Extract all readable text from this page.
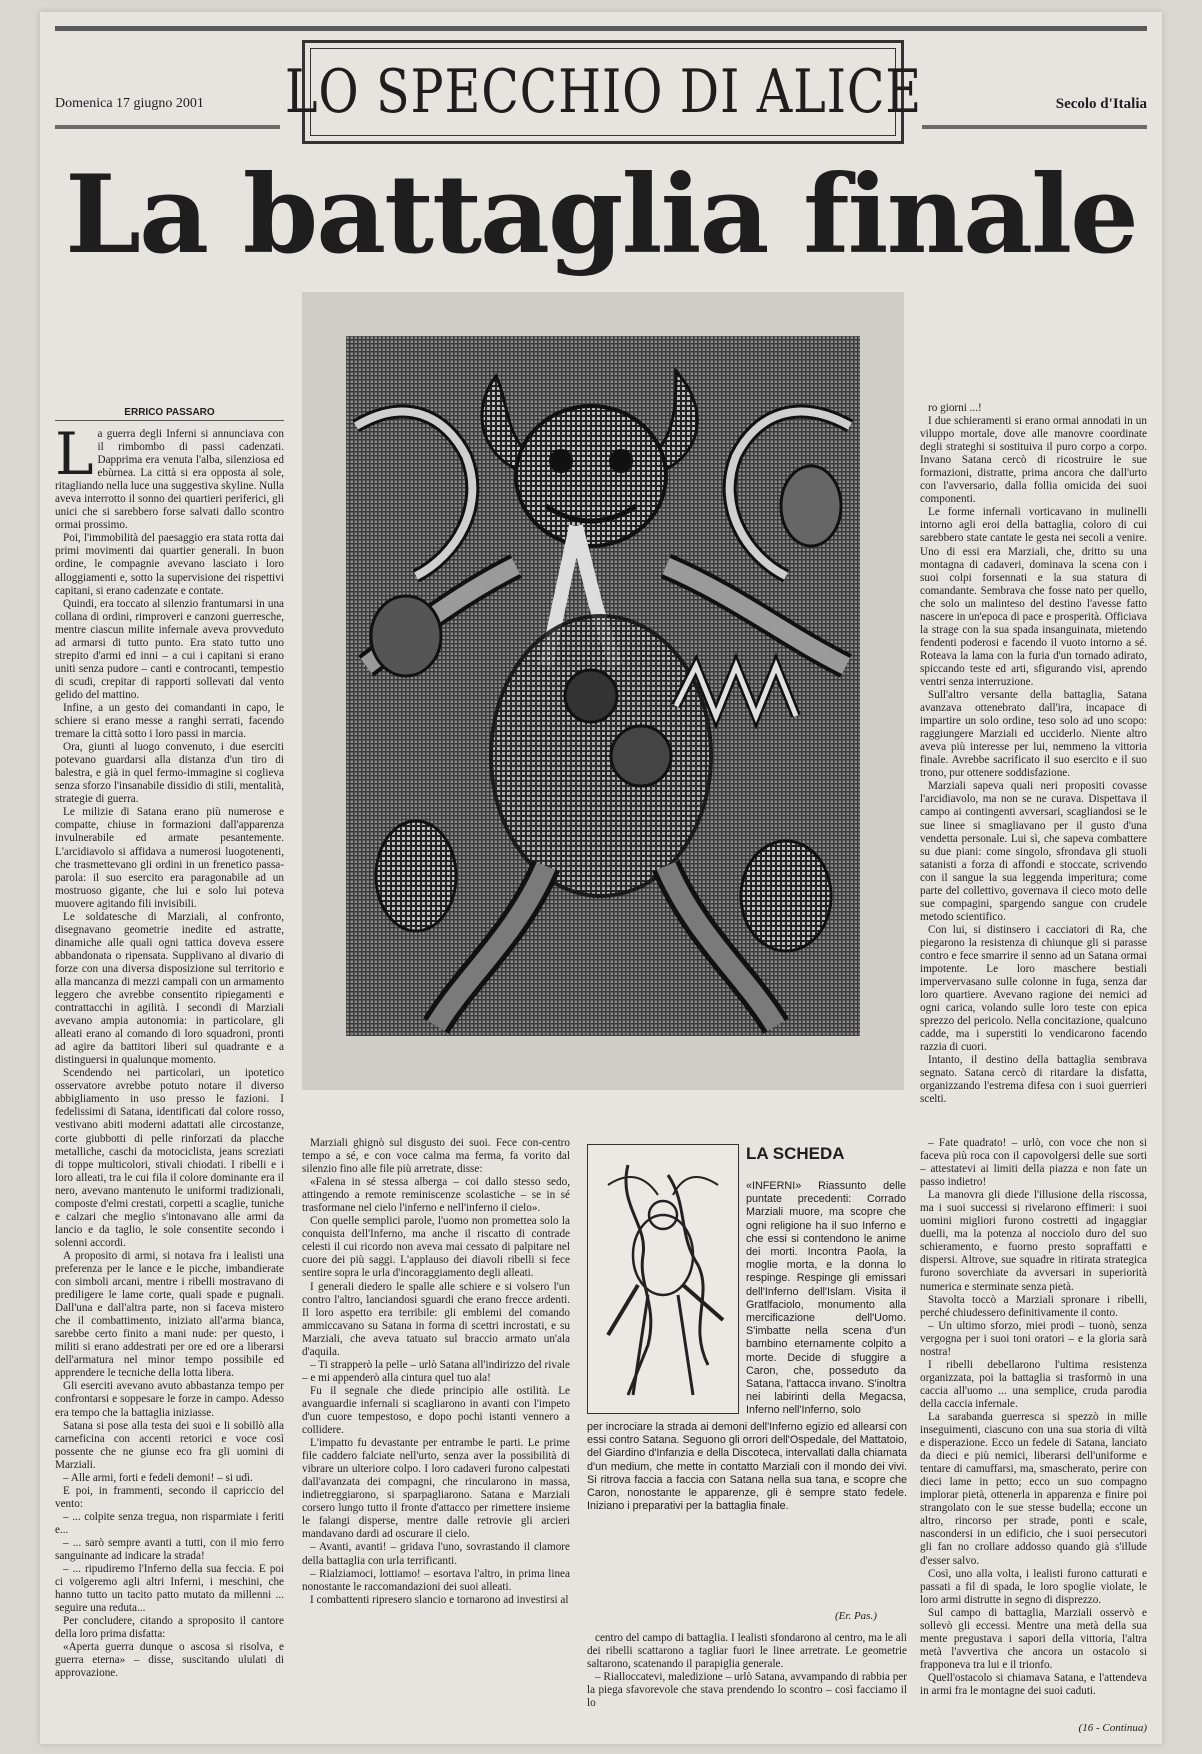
Domenica 17 giugno 2001 LO SPECCHIO DI ALICE	Secolo d'Italia
La battaglia finale
ERRICO PASSARO

La guerra degli Inferni si annunciava con il rimbombo di passi cadenzati. Dapprima era venuta l'alba, silenziosa ed ebùrnea. La città si era opposta al sole, ritagliando nella luce una suggestiva skyline. Nulla aveva interrotto il sonno dei quartieri periferici, gli unici che si sarebbero forse salvati dallo scontro ormai prossimo.

Poi, l'immobilità del paesaggio era stata rotta dai primi movimenti dai quartier generali. In buon ordine, le compagnie avevano lasciato i loro alloggiamenti e, sotto la supervisione dei rispettivi capitani, si erano cadenzate e contate.

Quindi, era toccato al silenzio frantumarsi in una collana di ordini, rimproveri e canzoni guerresche, mentre ciascun milite infernale aveva provveduto ad armarsi di tutto punto. Era stato tutto uno strepito d'armi ed inni – a cui i capitani si erano uniti senza pudore – canti e controcanti, tempestio di scudi, crepitar di rapporti sollevati dal vento gelido del mattino.

Infine, a un gesto dei comandanti in capo, le schiere si erano messe a ranghi serrati, facendo tremare la città sotto i loro passi in marcia.

Ora, giunti al luogo convenuto, i due eserciti potevano guardarsi alla distanza d'un tiro di balestra, e già in quel fermo-immagine si coglieva senza sforzo l'insanabile dissidio di stili, mentalità, strategie di guerra.

Le milizie di Satana erano più numerose e compatte, chiuse in formazioni dall'apparenza invulnerabile ed armate pesantemente. L'arcidiavolo si affidava a numerosi luogotenenti, che trasmettevano gli ordini in un frenetico passa-parola: il suo esercito era paragonabile ad un mostruoso gigante, che lui e solo lui poteva muovere agitando fili invisibili.

Le soldatesche di Marziali, al confronto, disegnavano geometrie inedite ed astratte, dinamiche alle quali ogni tattica doveva essere abbandonata o ripensata. Supplivano al divario di forze con una diversa disposizione sul territorio e alla mancanza di mezzi campali con un armamento leggero che avrebbe consentito ripiegamenti e contrattacchi in agilità. I secondi di Marziali avevano ampia autonomia: in particolare, gli alleati erano al comando di loro squadroni, pronti ad agire da battitori liberi sul quadrante e a distinguersi in qualunque momento.

Scendendo nei particolari, un ipotetico osservatore avrebbe potuto notare il diverso abbigliamento in uso presso le fazioni. I fedelissimi di Satana, identificati dal colore rosso, vestivano abiti moderni adattati alle circostanze, corte giubbotti di pelle rinforzati da placche metalliche, caschi da motociclista, jeans screziati di toppe multicolori, stivali chiodati. I ribelli e i loro alleati, tra le cui fila il colore dominante era il nero, avevano mantenuto le uniformi tradizionali, composte d'elmi crestati, corpetti a scaglie, tuniche e calzari che meglio s'intonavano alle armi da lancio e da taglio, le sole consentite secondo i solenni accordi.

A proposito di armi, si notava fra i lealisti una preferenza per le lance e le picche, imbandierate con simboli arcani, mentre i ribelli mostravano di prediligere le lame corte, quali spade e pugnali. Dall'una e dall'altra parte, non si faceva mistero che il combattimento, iniziato all'arma bianca, sarebbe certo finito a mani nude: per questo, i militi si erano addestrati per ore ed ore a liberarsi dell'armatura nel minor tempo possibile ed apprendere le tecniche della lotta libera.

Gli eserciti avevano avuto abbastanza tempo per confrontarsi e soppesare le forze in campo. Adesso era tempo che la battaglia iniziasse.

Satana si pose alla testa dei suoi e li sobillò alla carneficina con accenti retorici e voce così possente che ne giunse eco fra gli uomini di Marziali.

– Alle armi, forti e fedeli demoni! – si udì.

E poi, in frammenti, secondo il capriccio del vento:

– ... colpite senza tregua, non risparmiate i feriti e...

– ... sarò sempre avanti a tutti, con il mio ferro sanguinante ad indicare la strada!

– ... ripudiremo l'Inferno della sua feccia. E poi ci volgeremo agli altri Inferni, i meschini, che hanno tutto un tacito patto mutato da millenni ... seguire una reduta...

Per concludere, citando a sproposito il cantore della loro prima disfatta:

«Aperta guerra dunque o ascosa si risolva, e guerra eterna» – disse, suscitando ululati di approvazione.

Marziali ghignò sul disgusto dei suoi. Fece con-centro tempo a sé, e con voce calma ma ferma, fa vorito dal silenzio fino alle file più arretrate, disse:

«Falena in sé stessa alberga – coi dallo stesso sedo, attingendo a remote reminiscenze scolastiche – se in sé trasformane nel cielo l'inferno e nell'inferno il cielo».

Con quelle semplici parole, l'uomo non promettea solo la conquista dell'Inferno, ma anche il riscatto di contrade celesti il cui ricordo non aveva mai cessato di palpitare nel cuore dei più saggi. L'applauso dei diavoli ribelli si fece sentire sopra le urla d'incoraggiamento degli alleati.

I generali diedero le spalle alle schiere e si volsero l'un contro l'altro, lanciandosi sguardi che erano frecce ardenti. Il loro aspetto era terribile: gli emblemi del comando ammiccavano su Satana in forma di scettri incrostati, e su Marziali, che aveva tatuato sul braccio armato un'ala d'aquila.

– Ti strapperò la pelle – urlò Satana all'indirizzo del rivale – e mi appenderò alla cintura quel tuo ala!

Fu il segnale che diede principio alle ostilità. Le avanguardie infernali si scagliarono in avanti con l'impeto d'un cuore tempestoso, e dopo pochi istanti vennero a collidere.

L'impatto fu devastante per entrambe le parti. Le prime file caddero falciate nell'urto, senza aver la possibilità di vibrare un ulteriore colpo. I loro cadaveri furono calpestati dall'avanzata dei compagni, che rincularono in massa, indietreggiarono, si sparpagliarono. Satana e Marziali corsero lungo tutto il fronte d'attacco per rimettere insieme le falangi disperse, mentre dalle retrovie gli arcieri mandavano dardi ad oscurare il cielo.

– Avanti, avanti! – gridava l'uno, sovrastando il clamore della battaglia con urla terrificanti.

– Rialziamoci, lottiamo! – esortava l'altro, in prima linea nonostante le raccomandazioni dei suoi alleati.

I combattenti ripresero slancio e tornarono ad investirsi al

LA SCHEDA
«INFERNI» Riassunto delle puntate precedenti: Corrado Marziali muore, ma scopre che ogni religione ha il suo Inferno e che essi si contendono le anime dei morti. Incontra Paola, la moglie morta, e la donna lo respinge. Respinge gli emissari dell'Inferno dell'Islam. Visita il Gratlfaciolo, monumento alla mercificazione dell'Uomo. S'imbatte nella scena d'un bambino eternamente colpito a morte. Decide di sfuggire a Caron, che, posseduto da Satana, l'attacca invano. S'inoltra nei labirinti della Megacsa, Inferno nell'Inferno, solo
per incrociare la strada ai demoni dell'Inferno egizio ed allearsi con essi contro Satana. Seguono gli orrori dell'Ospedale, del Mattatoio, del Giardino d'Infanzia e della Discoteca, intervallati dalla chiamata d'un medium, che mette in contatto Marziali con il mondo dei vivi. Si ritrova faccia a faccia con Satana nella sua tana, e scopre che Caron, nonostante le apparenze, gli è sempre stato fedele. Iniziano i preparativi per la battaglia finale.
(Er. Pas.)

centro del campo di battaglia. I lealisti sfondarono al centro, ma le ali dei ribelli scattarono a tagliar fuori le linee arretrate. Le geometrie saltarono, scatenando il parapiglia generale.

– Rialloccatevi, maledizione – urlò Satana, avvampando di rabbia per la piega sfavorevole che stava prendendo lo scontro – così facciamo il lo

ro giorni ...!

I due schieramenti si erano ormai annodati in un viluppo mortale, dove alle manovre coordinate degli strateghi si sostituiva il puro corpo a corpo. Invano Satana cercò di ricostruire le sue formazioni, distratte, prima ancora che dall'urto con l'avversario, dalla follia omicida dei suoi componenti.

Le forme infernali vorticavano in mulinelli intorno agli eroi della battaglia, coloro di cui sarebbero state cantate le gesta nei secoli a venire. Uno di essi era Marziali, che, dritto su una montagna di cadaveri, dominava la scena con i suoi colpi forsennati e la sua statura di comandante. Sembrava che fosse nato per quello, che solo un malinteso del destino l'avesse fatto nascere in un'epoca di pace e prosperità. Officiava la strage con la sua spada insanguinata, mietendo fendenti poderosi e facendo il vuoto intorno a sé. Roteava la lama con la furia d'un tornado adirato, spiccando teste ed arti, sfigurando visi, aprendo ventri senza interruzione.

Sull'altro versante della battaglia, Satana avanzava ottenebrato dall'ira, incapace di impartire un solo ordine, teso solo ad uno scopo: raggiungere Marziali ed ucciderlo. Niente altro aveva più interesse per lui, nemmeno la vittoria finale. Avrebbe sacrificato il suo esercito e il suo trono, pur ottenere soddisfazione.

Marziali sapeva quali neri propositi covasse l'arcidiavolo, ma non se ne curava. Dispettava il campo ai contingenti avversari, scagliandosi se le sue linee si smagliavano per il gusto d'una vendetta personale. Lui sì, che sapeva combattere su due piani: come singolo, sfrondava gli stuoli satanisti a forza di affondi e stoccate, scrivendo con il sangue la sua leggenda imperitura; come parte del collettivo, governava il cieco moto delle sue compagini, spargendo sangue con crudele metodo scientifico.

Con lui, si distinsero i cacciatori di Ra, che piegarono la resistenza di chiunque gli si parasse contro e fece smarrire il senno ad un Satana ormai impotente. Le loro maschere bestiali impervervasano sulle colonne in fuga, senza dar loro quartiere. Avevano ragione dei nemici ad ogni carica, volando sulle loro teste con epica sprezzo del pericolo. Nella concitazione, qualcuno cadde, ma i superstiti lo vendicarono facendo razzia di cuori.

Intanto, il destino della battaglia sembrava segnato. Satana cercò di ritardare la disfatta, organizzando l'estrema difesa con i suoi guerrieri scelti.

– Fate quadrato! – urlò, con voce che non si faceva più roca con il capovolgersi delle sue sorti – attestatevi ai limiti della piazza e non fate un passo indietro!

La manovra gli diede l'illusione della riscossa, ma i suoi successi si rivelarono effimeri: i suoi uomini migliori furono costretti ad ingaggiar duelli, ma la potenza al nocciolo duro del suo schieramento, e fuorno presto sopraffatti e dispersi. Altrove, sue squadre in ritirata strategica furono soverchiate da avversari in superiorità numerica e sterminate senza pietà.

Stavolta toccò a Marziali spronare i ribelli, perché chiudessero definitivamente il conto.

– Un ultimo sforzo, miei prodi – tuonò, senza vergogna per i suoi toni oratori – e la gloria sarà nostra!

I ribelli debellarono l'ultima resistenza organizzata, poi la battaglia si trasformò in una caccia all'uomo ... una semplice, cruda parodia della caccia infernale.

La sarabanda guerresca si spezzò in mille inseguimenti, ciascuno con una sua storia di viltà e disperazione. Ecco un fedele di Satana, lanciato da dieci e più nemici, liberarsi dell'uniforme e tentare di camuffarsi, ma, smascherato, perire con dieci lame in petto; ecco un suo compagno implorar pietà, ottenerla in apparenza e finire poi strangolato con le sue stesse budella; eccone un altro, rincorso per strade, ponti e scale, nascondersi in un edificio, che i suoi persecutori gli fan no crollare addosso quando già s'illude d'esser salvo.

Così, uno alla volta, i lealisti furono catturati e passati a fil di spada, le loro spoglie violate, le loro armi distrutte in segno di disprezzo.

Sul campo di battaglia, Marziali osservò e sollevò gli eccessi. Mentre una metà della sua mente pregustava i sapori della vittoria, l'altra metà l'avvertiva che ancora un ostacolo si frapponeva tra lui e il trionfo.

Quell'ostacolo si chiamava Satana, e l'attendeva in armi fra le montagne dei suoi caduti.

(16 - Continua)
